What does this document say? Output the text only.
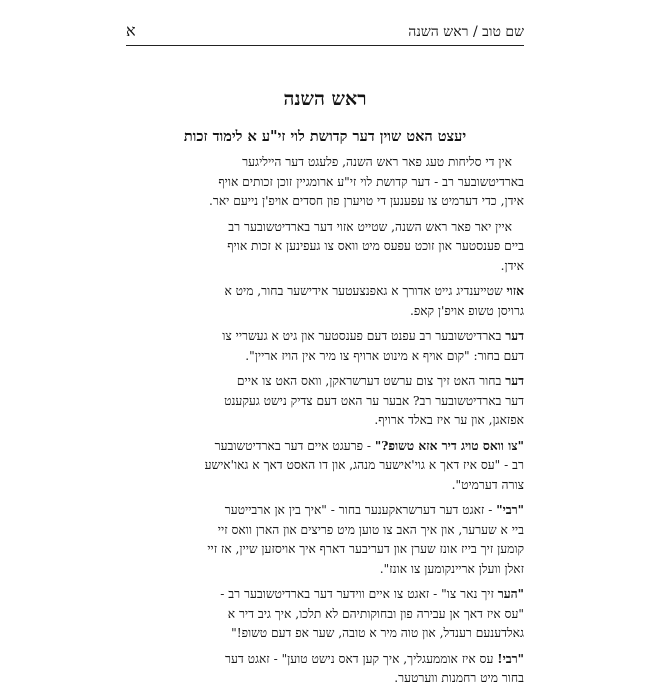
א	שם טוב / ראש השנה
ראש השנה
יעצט האט שוין דער קדושת לוי זי"ע א לימוד זכות
אין די סליחות טעג פאר ראש השנה, פלעגט דער הייליגער
בארדיטשובער רב - דער קדושת לוי זי"ע ארומגיין זוכן זכותים אויף
אידן, כדי דערמיט צו עפענען די טויערן פון חסדים אויפ'ן נייעם יאר.
איין יאר פאר ראש השנה, שטייט אזוי דער בארדיטשובער רב
ביים פענסטער און זוכט עפעס מיט וואס צו געפינען א זכות אויף
אידן.
אזוי שטייענדיג גייט אדורך א גאפנצעטער אידישער בחור, מיט א
גרויסן טשופ אויפ'ן קאפ.
דער בארדיטשובער רב עפנט דעם פענסטער און גיט א געשריי צו
דעם בחור: "קום אויף א מינוט ארויף צו מיר אין הויז אריין".
דער בחור האט זיך צום ערשט דערשראקן, וואס האט צו איים
דער בארדיטשובער רב? אבער ער האט דעם צדיק נישט געקענט
אפזאגן, און ער איז באלד ארויף.
"צו וואס טויג דיר אזא טשופ?" - פרעגט איים דער בארדיטשובער
רב - "עס איז דאך א גוי'אישער מנהג, און דו האסט דאך א גאו'אישע
צורה דערמיט".
"רבי" - זאגט דער דערשראקענער בחור - "איך בין אן ארבייטער
ביי א שערער, און איך האב צו טוען מיט פריצים און הארן וואס זיי
קומען זיך בייז אונז שערן און דעריבער דארף איך אויסזען שיין, אז זיי
זאלן וועלן אריינקומען צו אונז".
"הער זיך נאר צו" - זאגט צו איים ווידער דער בארדיטשובער רב -
"עס איז דאך אן עבירה פון ובחוקותיהם לא תלכו, איך גיב דיר א
גאלדענעם רענדל, און טוה מיר א טובה, שער אפ דעם טשופ!"
"רבי! עס איז אוממעגליך, איך קען דאס נישט טוען" - זאגט דער
בחור מיט רחמנות ווערטער.
